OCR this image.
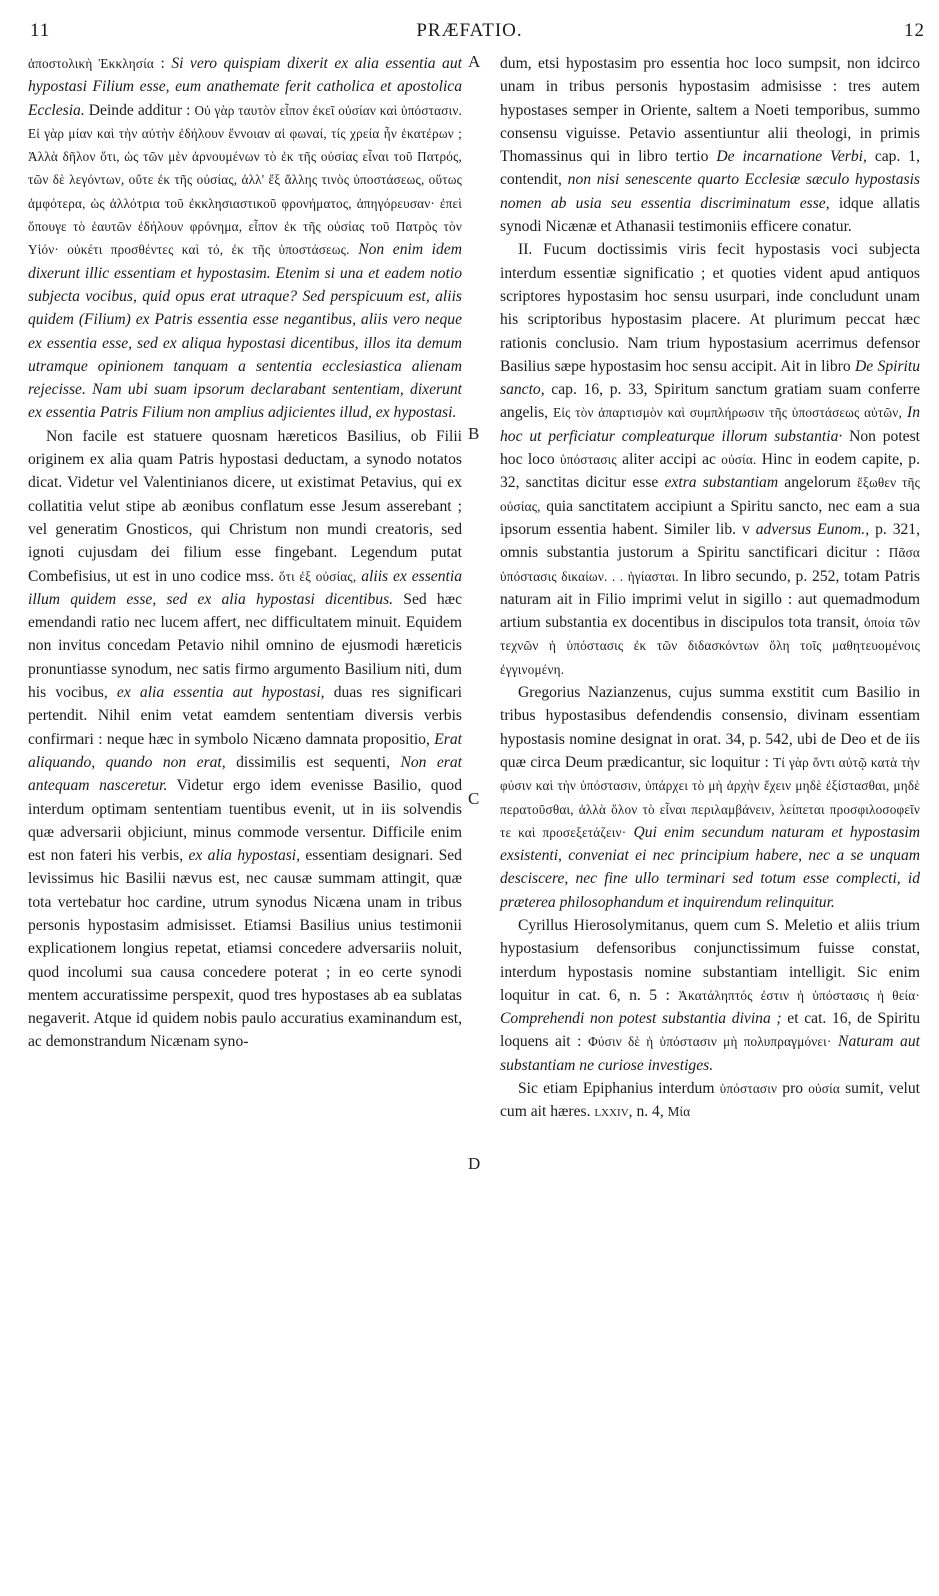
11	PRÆFATIO.	12

ἀποστολικὴ Ἐκκλησία : Si vero quispiam dixerit ex alia essentia aut hypostasi Filium esse, eum anathemate ferit catholica et apostolica Ecclesia. Deinde additur : Οὐ γὰρ ταυτὸν εἶπον ἐκεῖ οὐσίαν καὶ ὑπόστασιν. Εἰ γὰρ μίαν καὶ τὴν αὐτὴν ἐδήλουν ἔννοιαν αἱ φωναί, τίς χρεία ἦν ἑκατέρων ; Ἀλλὰ δῆλον ὅτι, ὡς τῶν μὲν ἀρνουμένων τὸ ἐκ τῆς οὐσίας εἶναι τοῦ Πατρός, τῶν δὲ λεγόντων, οὔτε ἐκ τῆς οὐσίας, ἀλλ' ἔξ ἄλλης τινὸς ὑποστάσεως, οὕτως ἀμφότερα, ὡς ἀλλότρια τοῦ ἐκκλησιαστικοῦ φρονήματος, ἀπηγόρευσαν· ἐπεὶ ὅπουγε τὸ ἑαυτῶν ἐδήλουν φρόνημα, εἶπον ἐκ τῆς οὐσίας τοῦ Πατρὸς τὸν Υἱόν· οὐκέτι προσθέντες καὶ τό, ἐκ τῆς ὑποστάσεως. Non enim idem dixerunt illic essentiam et hypostasim. Etenim si una et eadem notio subjecta vocibus, quid opus erat utraque? Sed perspicuum est, aliis quidem (Filium) ex Patris essentia esse negantibus, aliis vero neque ex essentia esse, sed ex aliqua hypostasi dicentibus, illos ita demum utramque opinionem tanquam a sententia ecclesiastica alienam rejecisse. Nam ubi suam ipsorum declarabant sententiam, dixerunt ex essentia Patris Filium non amplius adjicientes illud, ex hypostasi.

Non facile est statuere quosnam hæreticos Basilius, ob Filii originem ex alia quam Patris hypostasi deductam, a synodo notatos dicat. Videtur vel Valentinianos dicere, ut existimat Petavius, qui ex collatitia velut stipe ab æonibus conflatum esse Jesum asserebant ; vel generatim Gnosticos, qui Christum non mundi creatoris, sed ignoti cujusdam dei filium esse fingebant. Legendum putat Combefisius, ut est in uno codice mss. ὅτι ἐξ οὐσίας, aliis ex essentia illum quidem esse, sed ex alia hypostasi dicentibus. Sed hæc emendandi ratio nec lucem affert, nec difficultatem minuit. Equidem non invitus concedam Petavio nihil omnino de ejusmodi hæreticis pronuntiasse synodum, nec satis firmo argumento Basilium niti, dum his vocibus, ex alia essentia aut hypostasi, duas res significari pertendit. Nihil enim vetat eamdem sententiam diversis verbis confirmari : neque hæc in symbolo Nicæno damnata propositio, Erat aliquando, quando non erat, dissimilis est sequenti, Non erat antequam nasceretur. Videtur ergo idem evenisse Basilio, quod interdum optimam sententiam tuentibus evenit, ut in iis solvendis quæ adversarii objiciunt, minus commode versentur. Difficile enim est non fateri his verbis, ex alia hypostasi, essentiam designari. Sed levissimus hic Basilii nævus est, nec causæ summam attingit, quæ tota vertebatur hoc cardine, utrum synodus Nicæna unam in tribus personis hypostasim admisisset. Etiamsi Basilius unius testimonii explicationem longius repetat, etiamsi concedere adversariis noluit, quod incolumi sua causa concedere poterat ; in eo certe synodi mentem accuratissime perspexit, quod tres hypostases ab ea sublatas negaverit. Atque id quidem nobis paulo accuratius examinandum est, ac demonstrandum Nicænam syno-

dum, etsi hypostasim pro essentia hoc loco sumpsit, non idcirco unam in tribus personis hypostasim admisisse : tres autem hypostases semper in Oriente, saltem a Noeti temporibus, summo consensu viguisse. Petavio assentiuntur alii theologi, in primis Thomassinus qui in libro tertio De incarnatione Verbi, cap. 1, contendit, non nisi senescente quarto Ecclesiæ sæculo hypostasis nomen ab usia seu essentia discriminatum esse, idque allatis synodi Nicænæ et Athanasii testimoniis efficere conatur.

II. Fucum doctissimis viris fecit hypostasis voci subjecta interdum essentiæ significatio ; et quoties vident apud antiquos scriptores hypostasim hoc sensu usurpari, inde concludunt unam his scriptoribus hypostasim placere. At plurimum peccat hæc rationis conclusio. Nam trium hypostasium acerrimus defensor Basilius sæpe hypostasim hoc sensu accipit. Ait in libro De Spiritu sancto, cap. 16, p. 33, Spiritum sanctum gratiam suam conferre angelis, Εἰς τὸν ἀπαρτισμὸν καὶ συμπλήρωσιν τῆς ὑποστάσεως αὐτῶν, In hoc ut perficiatur compleaturque illorum substantia· Non potest hoc loco ὑπόστασις aliter accipi ac οὐσία. Hinc in eodem capite, p. 32, sanctitas dicitur esse extra substantiam angelorum ἔξωθεν τῆς οὐσίας, quia sanctitatem accipiunt a Spiritu sancto, nec eam a sua ipsorum essentia habent. Similer lib. v adversus Eunom., p. 321, omnis substantia justorum a Spiritu sanctificari dicitur : Πᾶσα ὑπόστασις δικαίων. . . ἡγίασται. In libro secundo, p. 252, totam Patris naturam ait in Filio imprimi velut in sigillo : aut quemadmodum artium substantia ex docentibus in discipulos tota transit, ὁποία τῶν τεχνῶν ἡ ὑπόστασις ἐκ τῶν διδασκόντων ὅλη τοῖς μαθητευομένοις ἐγγινομένη.

Gregorius Nazianzenus, cujus summa exstitit cum Basilio in tribus hypostasibus defendendis consensio, divinam essentiam hypostasis nomine designat in orat. 34, p. 542, ubi de Deo et de iis quæ circa Deum prædicantur, sic loquitur : Τί γὰρ ὄντι αὐτῷ κατὰ τὴν φύσιν καὶ τὴν ὑπόστασιν, ὑπάρχει τὸ μὴ ἀρχὴν ἔχειν μηδὲ ἐξίστασθαι, μηδὲ περατοῦσθαι, ἀλλὰ ὅλον τὸ εἶναι περιλαμβάνειν, λείπεται προσφιλοσοφεῖν τε καὶ προσεξετάζειν· Qui enim secundum naturam et hypostasim exsistenti, conveniat ei nec principium habere, nec a se unquam desciscere, nec fine ullo terminari sed totum esse complecti, id præterea philosophandum et inquirendum relinquitur.

Cyrillus Hierosolymitanus, quem cum S. Meletio et aliis trium hypostasium defensoribus conjunctissimum fuisse constat, interdum hypostasis nomine substantiam intelligit. Sic enim loquitur in cat. 6, n. 5 : Ἀκατάληπτός ἐστιν ἡ ὑπόστασις ἡ θεία· Comprehendi non potest substantia divina ; et cat. 16, de Spiritu loquens ait : Φύσιν δὲ ἡ ὑπόστασιν μὴ πολυπραγμόνει· Naturam aut substantiam ne curiose investiges.

Sic etiam Epiphanius interdum ὑπόστασιν pro οὐσία sumit, velut cum ait hæres. lxxiv, n. 4, Μία

A
B
C
D
